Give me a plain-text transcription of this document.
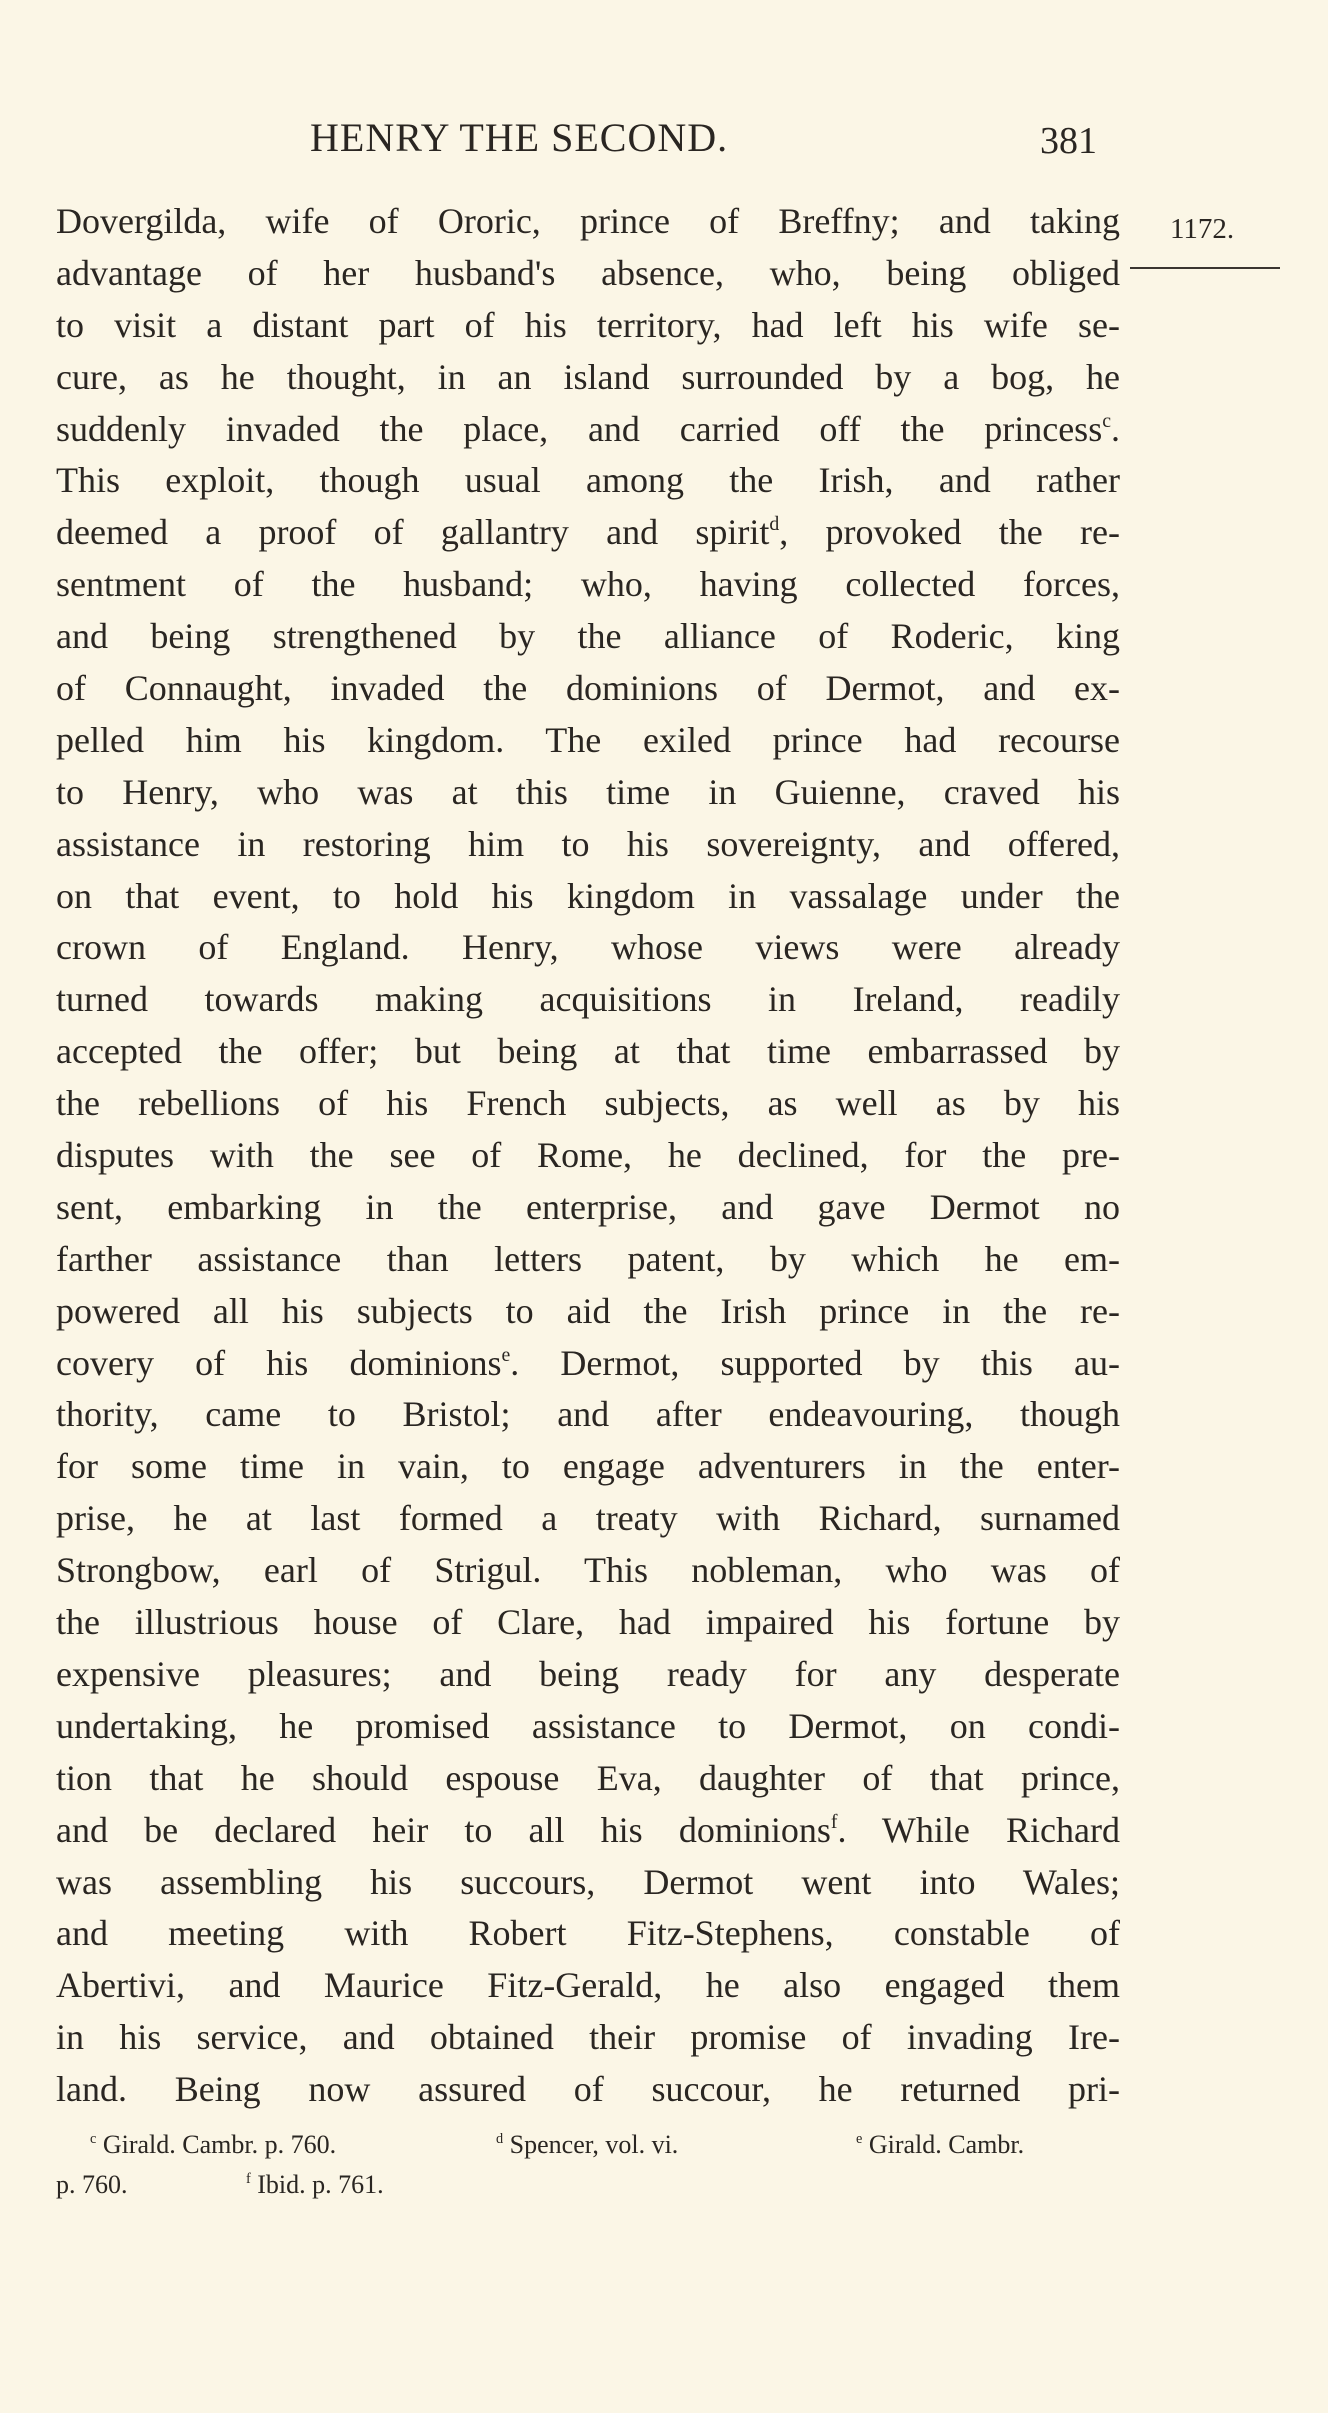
HENRY THE SECOND.	381
1172.
Dovergilda, wife of Ororic, prince of Breffny; and taking
advantage of her husband's absence, who, being obliged
to visit a distant part of his territory, had left his wife se-
cure, as he thought, in an island surrounded by a bog, he
suddenly invaded the place, and carried off the princess$^c$.
This exploit, though usual among the Irish, and rather
deemed a proof of gallantry and spirit$^d$, provoked the re-
sentment of the husband; who, having collected forces,
and being strengthened by the alliance of Roderic, king
of Connaught, invaded the dominions of Dermot, and ex-
pelled him his kingdom. The exiled prince had recourse
to Henry, who was at this time in Guienne, craved his
assistance in restoring him to his sovereignty, and offered,
on that event, to hold his kingdom in vassalage under the
crown of England. Henry, whose views were already
turned towards making acquisitions in Ireland, readily
accepted the offer; but being at that time embarrassed by
the rebellions of his French subjects, as well as by his
disputes with the see of Rome, he declined, for the pre-
sent, embarking in the enterprise, and gave Dermot no
farther assistance than letters patent, by which he em-
powered all his subjects to aid the Irish prince in the re-
covery of his dominions$^e$. Dermot, supported by this au-
thority, came to Bristol; and after endeavouring, though
for some time in vain, to engage adventurers in the enter-
prise, he at last formed a treaty with Richard, surnamed
Strongbow, earl of Strigul. This nobleman, who was of
the illustrious house of Clare, had impaired his fortune by
expensive pleasures; and being ready for any desperate
undertaking, he promised assistance to Dermot, on condi-
tion that he should espouse Eva, daughter of that prince,
and be declared heir to all his dominions$^f$. While Richard
was assembling his succours, Dermot went into Wales;
and meeting with Robert Fitz-Stephens, constable of
Abertivi, and Maurice Fitz-Gerald, he also engaged them
in his service, and obtained their promise of invading Ire-
land. Being now assured of succour, he returned pri-
$^c$ Girald. Cambr. p. 760.	$^d$ Spencer, vol. vi.	$^e$ Girald. Cambr.
p. 760.	$^f$ Ibid. p. 761.
